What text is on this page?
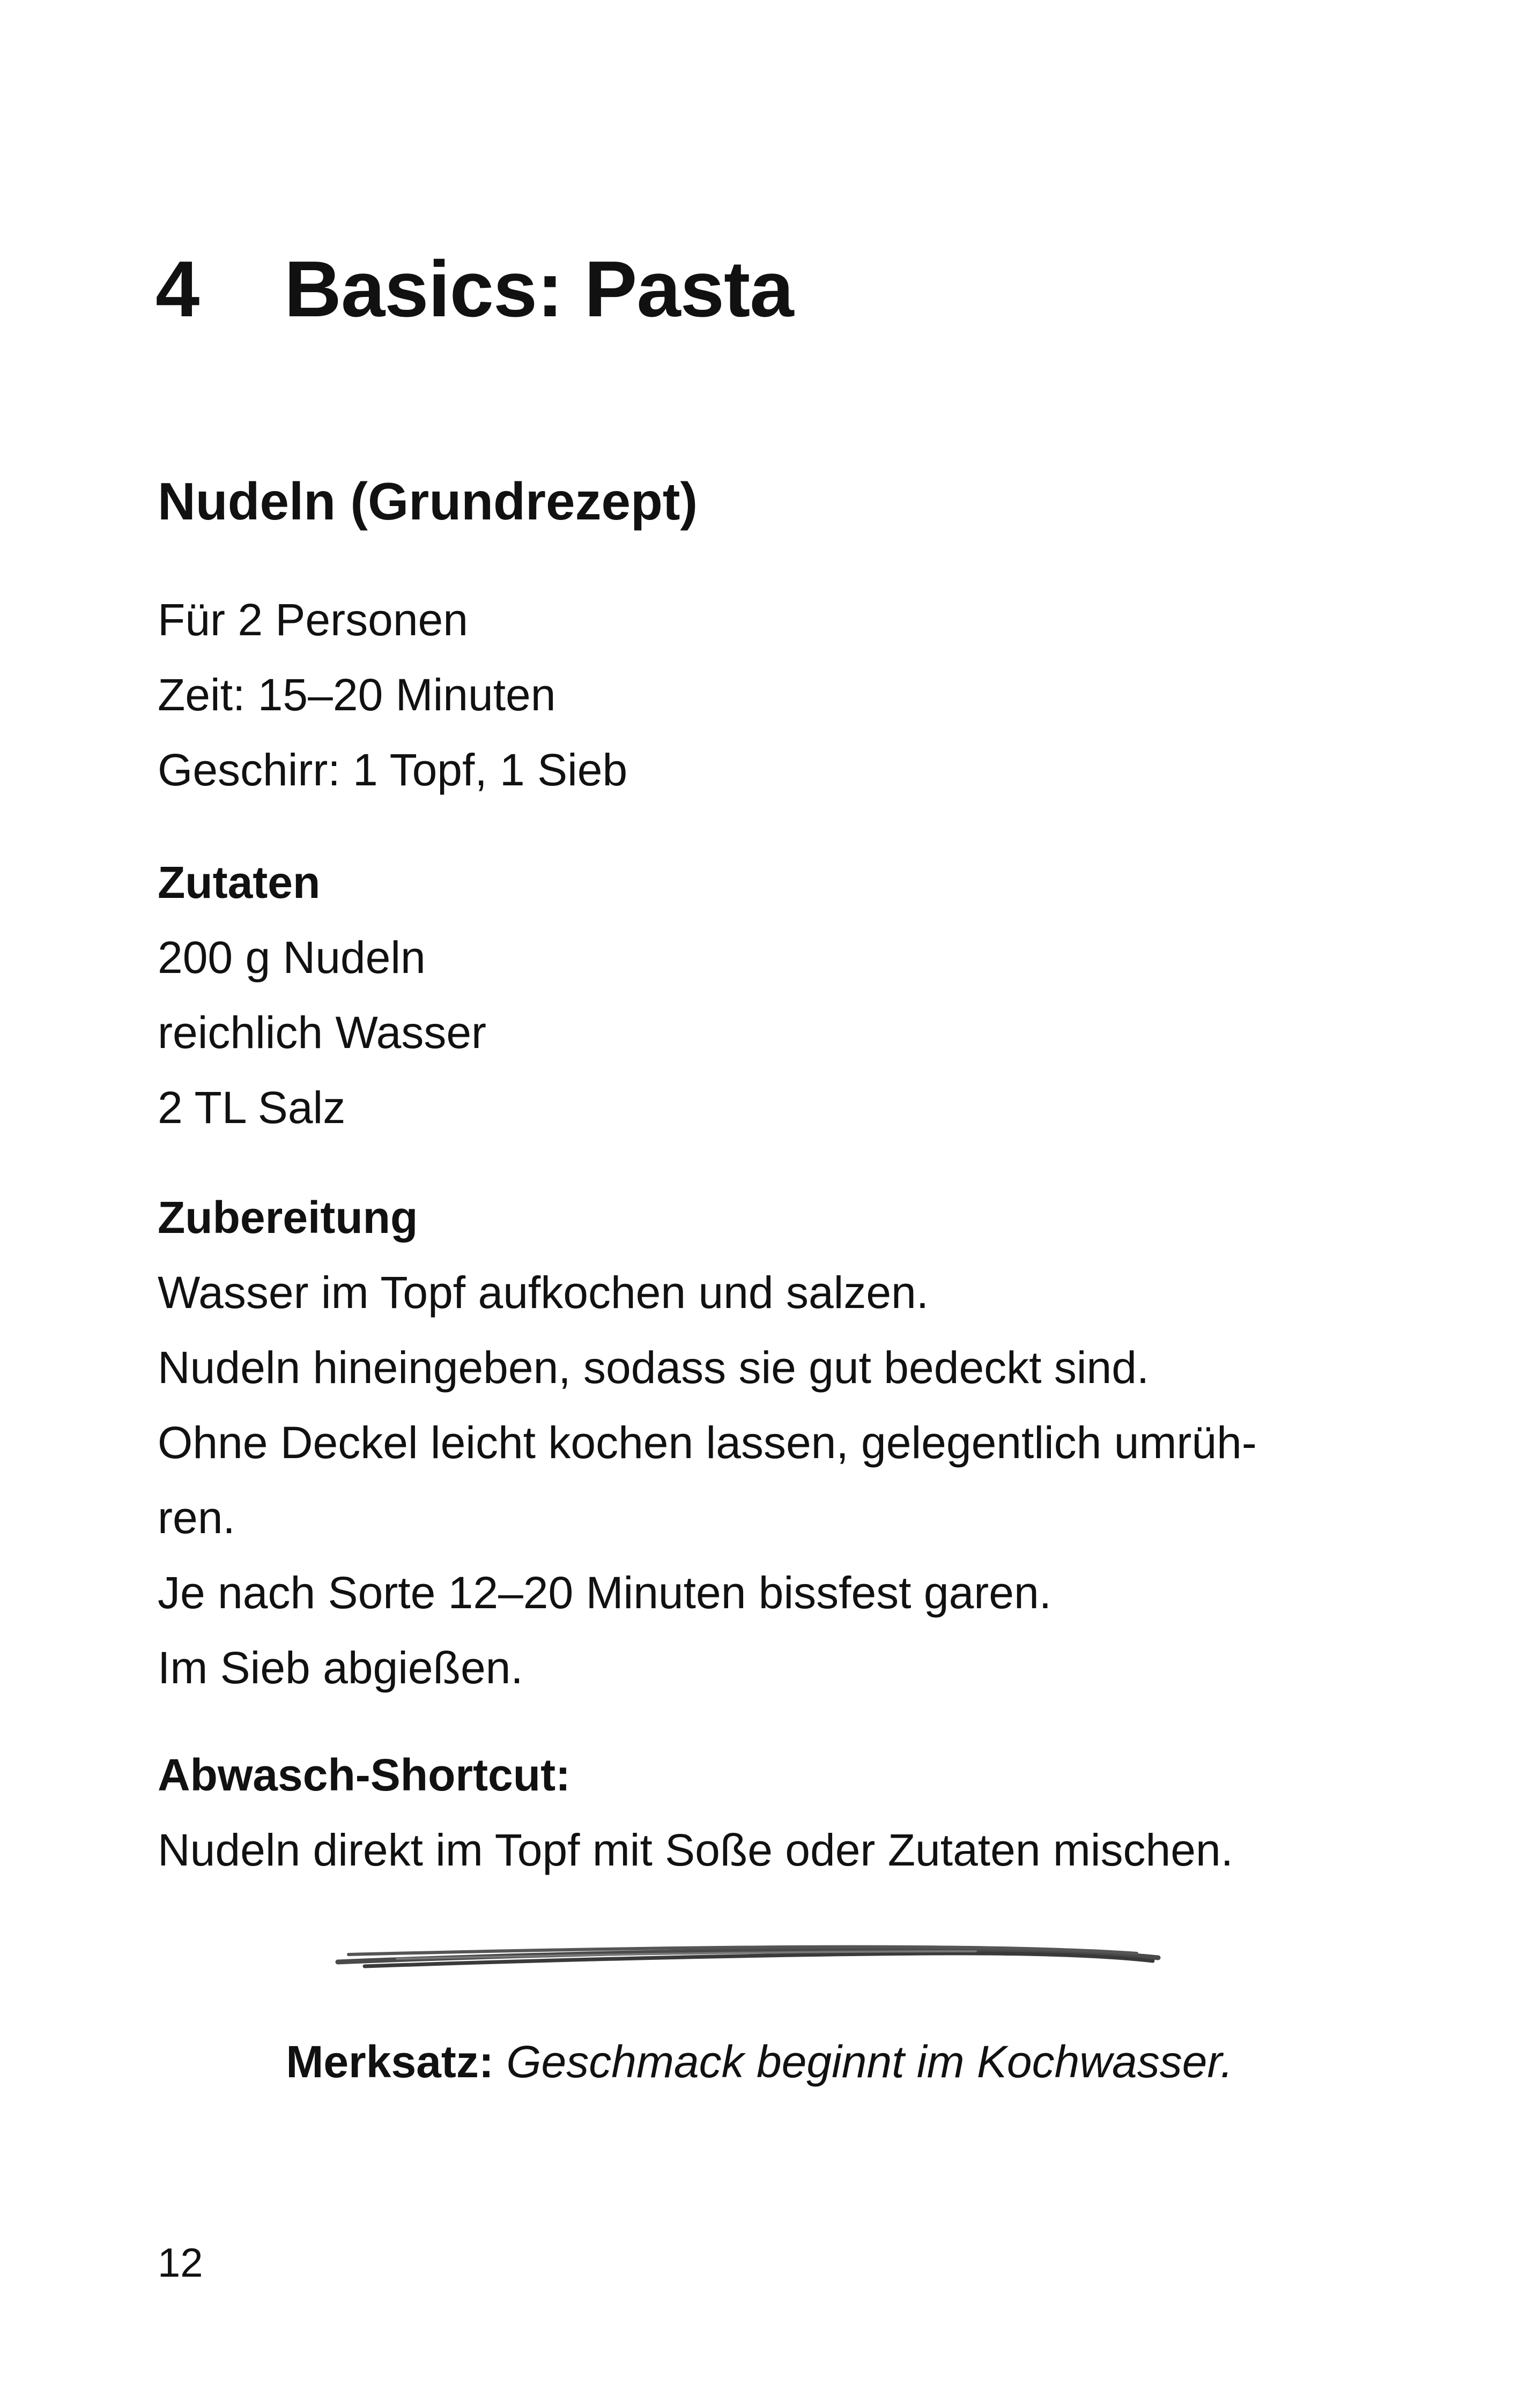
4 Basics: Pasta
Nudeln (Grundrezept)
Für 2 Personen
Zeit: 15–20 Minuten
Geschirr: 1 Topf, 1 Sieb
Zutaten
200 g Nudeln
reichlich Wasser
2 TL Salz
Zubereitung
Wasser im Topf aufkochen und salzen.
Nudeln hineingeben, sodass sie gut bedeckt sind.
Ohne Deckel leicht kochen lassen, gelegentlich umrüh-
ren.
Je nach Sorte 12–20 Minuten bissfest garen.
Im Sieb abgießen.
Abwasch-Shortcut:
Nudeln direkt im Topf mit Soße oder Zutaten mischen.
Merksatz: Geschmack beginnt im Kochwasser.
12
